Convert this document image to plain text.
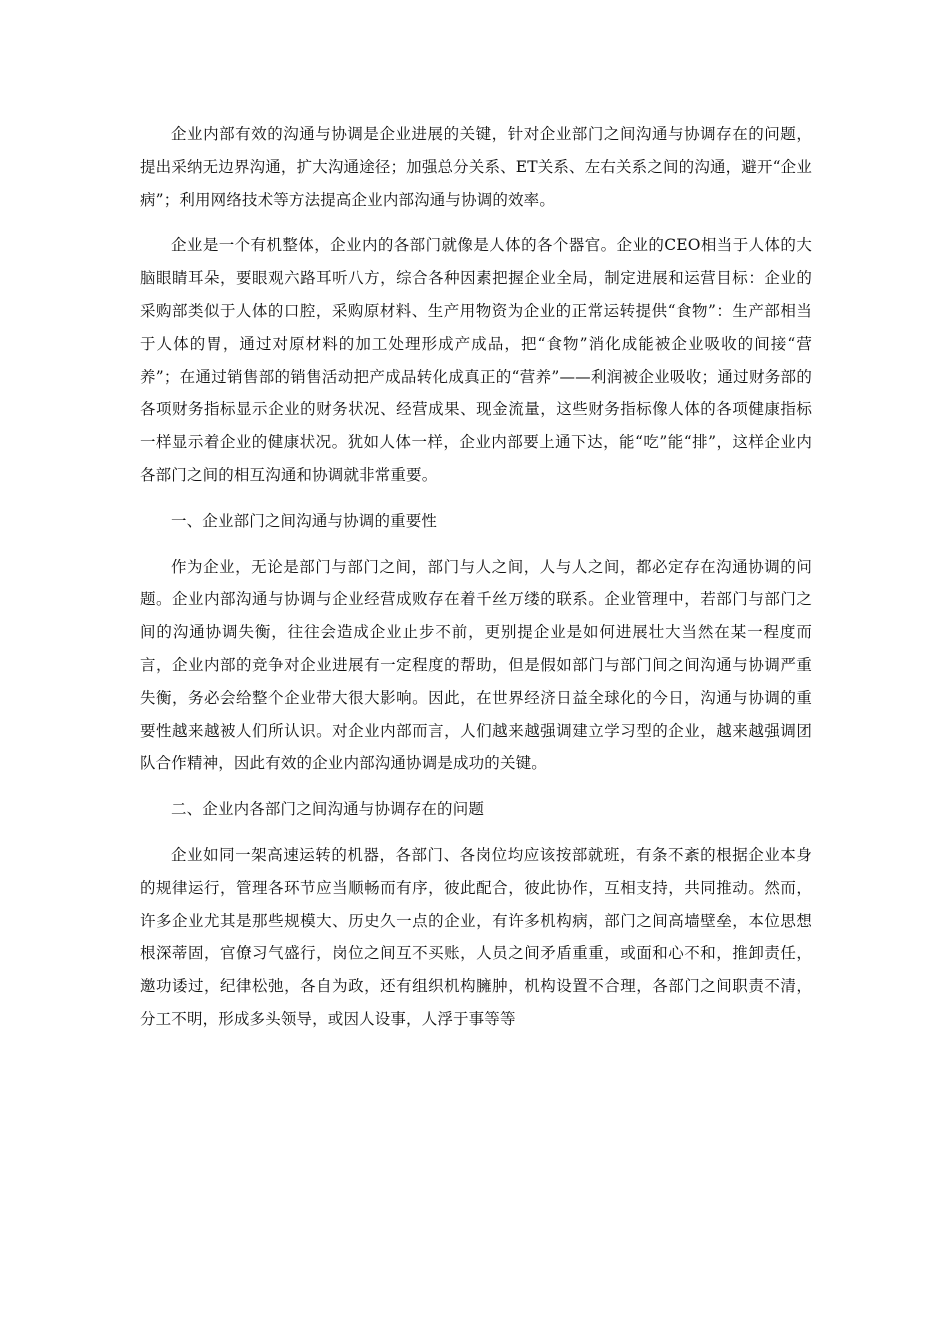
企业内部有效的沟通与协调是企业进展的关键，针对企业部门之间沟通与协调存在的问题，提出采纳无边界沟通，扩大沟通途径；加强总分关系、ET关系、左右关系之间的沟通，避开“企业病”；利用网络技术等方法提高企业内部沟通与协调的效率。

企业是一个有机整体，企业内的各部门就像是人体的各个器官。企业的CEO相当于人体的大脑眼睛耳朵，要眼观六路耳听八方，综合各种因素把握企业全局，制定进展和运营目标：企业的采购部类似于人体的口腔，采购原材料、生产用物资为企业的正常运转提供“食物”：生产部相当于人体的胃，通过对原材料的加工处理形成产成品，把“食物”消化成能被企业吸收的间接“营养”；在通过销售部的销售活动把产成品转化成真正的“营养”——利润被企业吸收；通过财务部的各项财务指标显示企业的财务状况、经营成果、现金流量，这些财务指标像人体的各项健康指标一样显示着企业的健康状况。犹如人体一样，企业内部要上通下达，能“吃”能“排”，这样企业内各部门之间的相互沟通和协调就非常重要。

一、企业部门之间沟通与协调的重要性

作为企业，无论是部门与部门之间，部门与人之间，人与人之间，都必定存在沟通协调的问题。企业内部沟通与协调与企业经营成败存在着千丝万缕的联系。企业管理中，若部门与部门之间的沟通协调失衡，往往会造成企业止步不前，更别提企业是如何进展壮大当然在某一程度而言，企业内部的竞争对企业进展有一定程度的帮助，但是假如部门与部门间之间沟通与协调严重失衡，务必会给整个企业带大很大影响。因此，在世界经济日益全球化的今日，沟通与协调的重要性越来越被人们所认识。对企业内部而言，人们越来越强调建立学习型的企业，越来越强调团队合作精神，因此有效的企业内部沟通协调是成功的关键。

二、企业内各部门之间沟通与协调存在的问题

企业如同一架高速运转的机器，各部门、各岗位均应该按部就班，有条不紊的根据企业本身的规律运行，管理各环节应当顺畅而有序，彼此配合，彼此协作，互相支持，共同推动。然而，许多企业尤其是那些规模大、历史久一点的企业，有许多机构病，部门之间高墙壁垒，本位思想根深蒂固，官僚习气盛行，岗位之间互不买账，人员之间矛盾重重，或面和心不和，推卸责任，邀功诿过，纪律松弛，各自为政，还有组织机构臃肿，机构设置不合理，各部门之间职责不清，分工不明，形成多头领导，或因人设事，人浮于事等等
